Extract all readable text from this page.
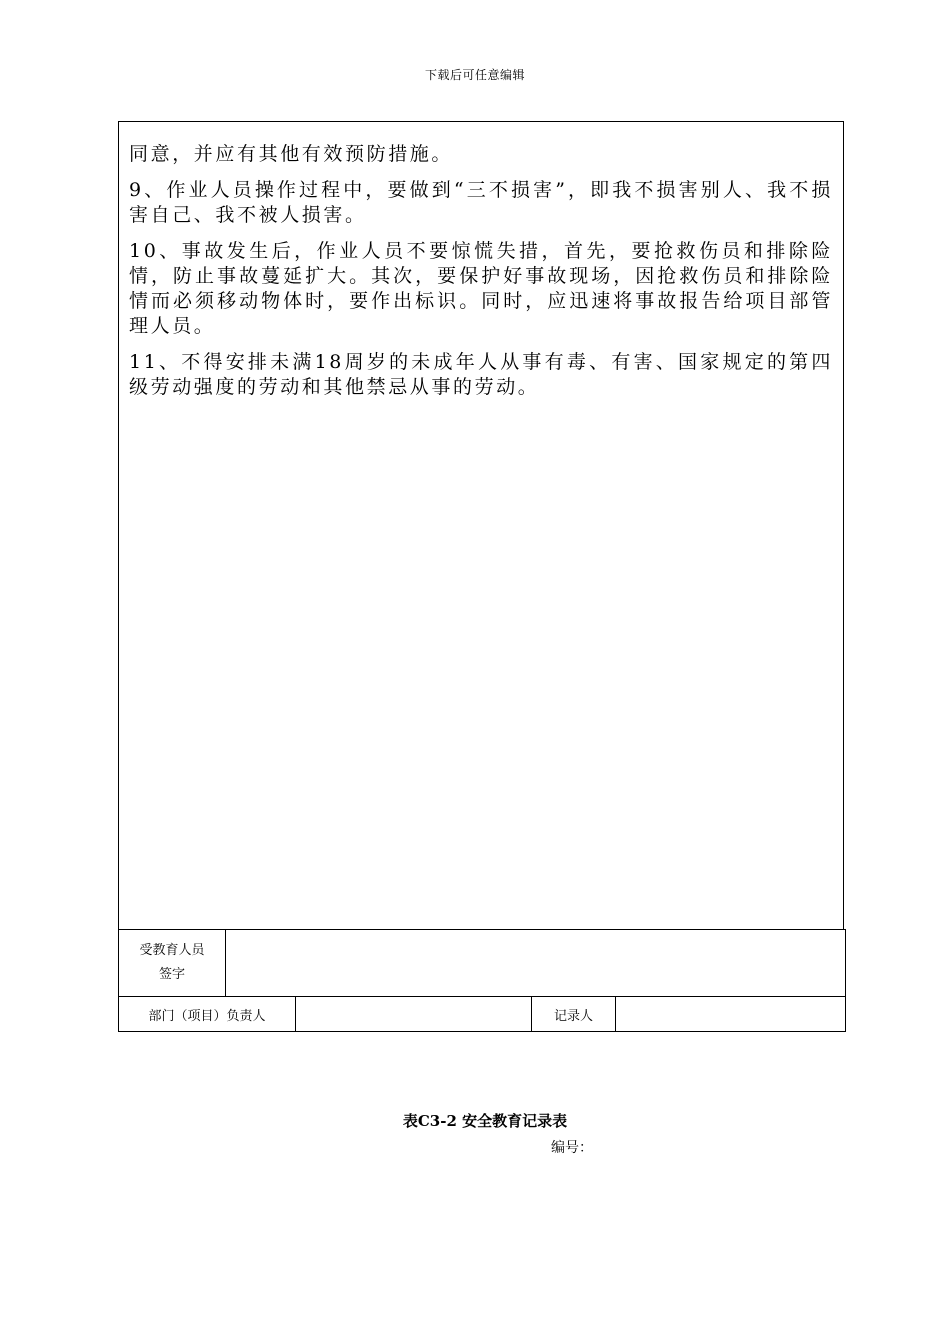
下载后可任意编辑

同意，并应有其他有效预防措施。

9、作业人员操作过程中，要做到“三不损害”，即我不损害别人、我不损害自己、我不被人损害。

10、事故发生后，作业人员不要惊慌失措，首先，要抢救伤员和排除险情，防止事故蔓延扩大。其次，要保护好事故现场，因抢救伤员和排除险情而必须移动物体时，要作出标识。同时，应迅速将事故报告给项目部管理人员。

11、不得安排未满18周岁的未成年人从事有毒、有害、国家规定的第四级劳动强度的劳动和其他禁忌从事的劳动。

受教育人员
签字				

部门（项目）负责人			记录人	
表C3-2 安全教育记录表
编号：
